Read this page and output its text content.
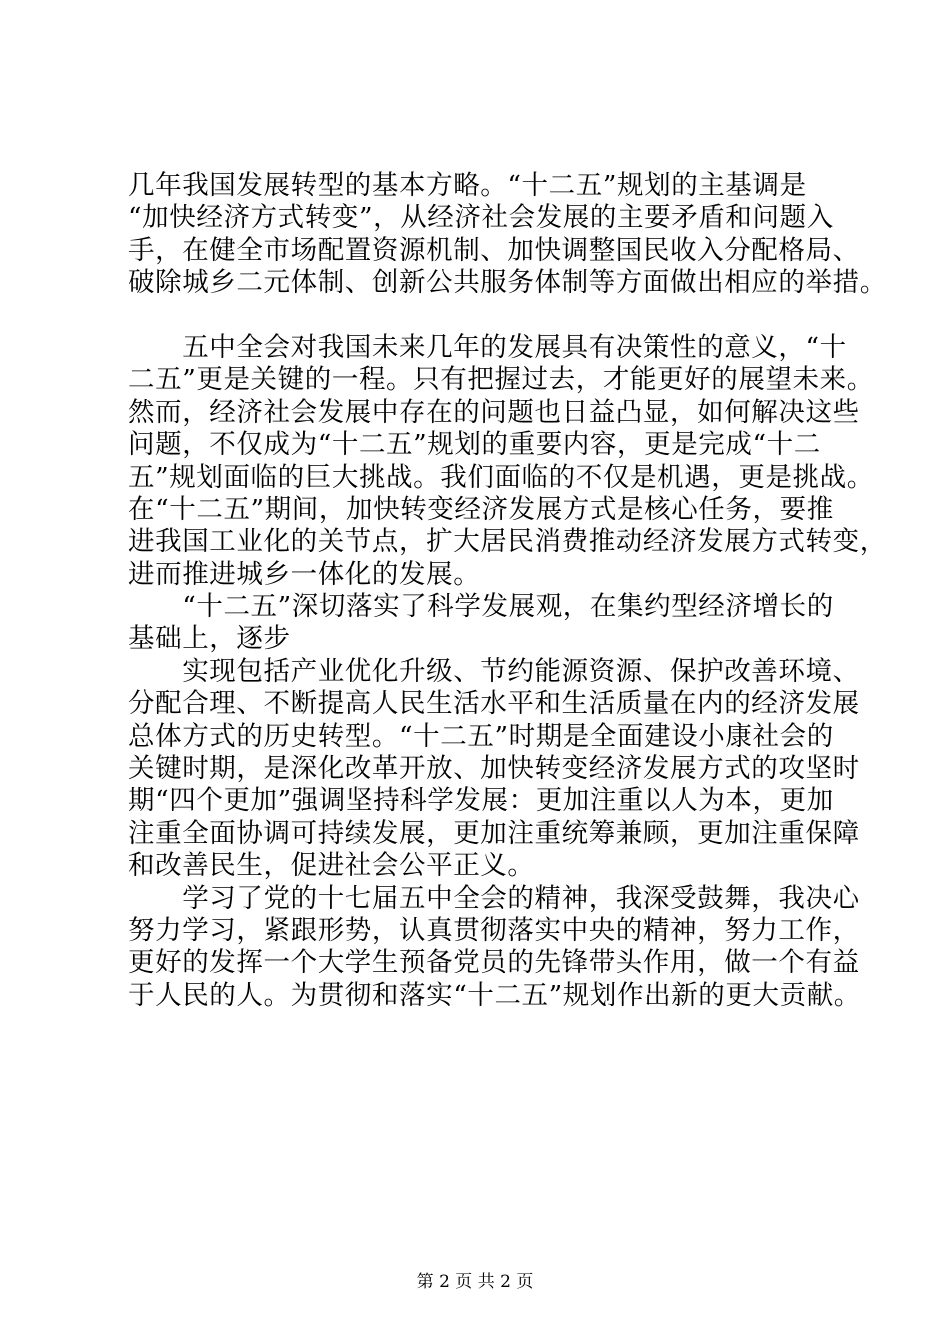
几年我国发展转型的基本方略。“十二五”规划的主基调是
“加快经济方式转变”，从经济社会发展的主要矛盾和问题入
手，在健全市场配置资源机制、加快调整国民收入分配格局、
破除城乡二元体制、创新公共服务体制等方面做出相应的举措。
　　五中全会对我国未来几年的发展具有决策性的意义，“十
二五”更是关键的一程。只有把握过去，才能更好的展望未来。
然而，经济社会发展中存在的问题也日益凸显，如何解决这些
问题，不仅成为“十二五”规划的重要内容，更是完成“十二
五”规划面临的巨大挑战。我们面临的不仅是机遇，更是挑战。
在“十二五”期间，加快转变经济发展方式是核心任务，要推
进我国工业化的关节点，扩大居民消费推动经济发展方式转变，
进而推进城乡一体化的发展。
　　“十二五”深切落实了科学发展观，在集约型经济增长的
基础上，逐步
　　实现包括产业优化升级、节约能源资源、保护改善环境、
分配合理、不断提高人民生活水平和生活质量在内的经济发展
总体方式的历史转型。“十二五”时期是全面建设小康社会的
关键时期，是深化改革开放、加快转变经济发展方式的攻坚时
期“四个更加”强调坚持科学发展：更加注重以人为本，更加
注重全面协调可持续发展，更加注重统筹兼顾，更加注重保障
和改善民生，促进社会公平正义。
　　学习了党的十七届五中全会的精神，我深受鼓舞，我决心
努力学习，紧跟形势，认真贯彻落实中央的精神，努力工作，
更好的发挥一个大学生预备党员的先锋带头作用，做一个有益
于人民的人。为贯彻和落实“十二五”规划作出新的更大贡献。
第 2 页 共 2 页
